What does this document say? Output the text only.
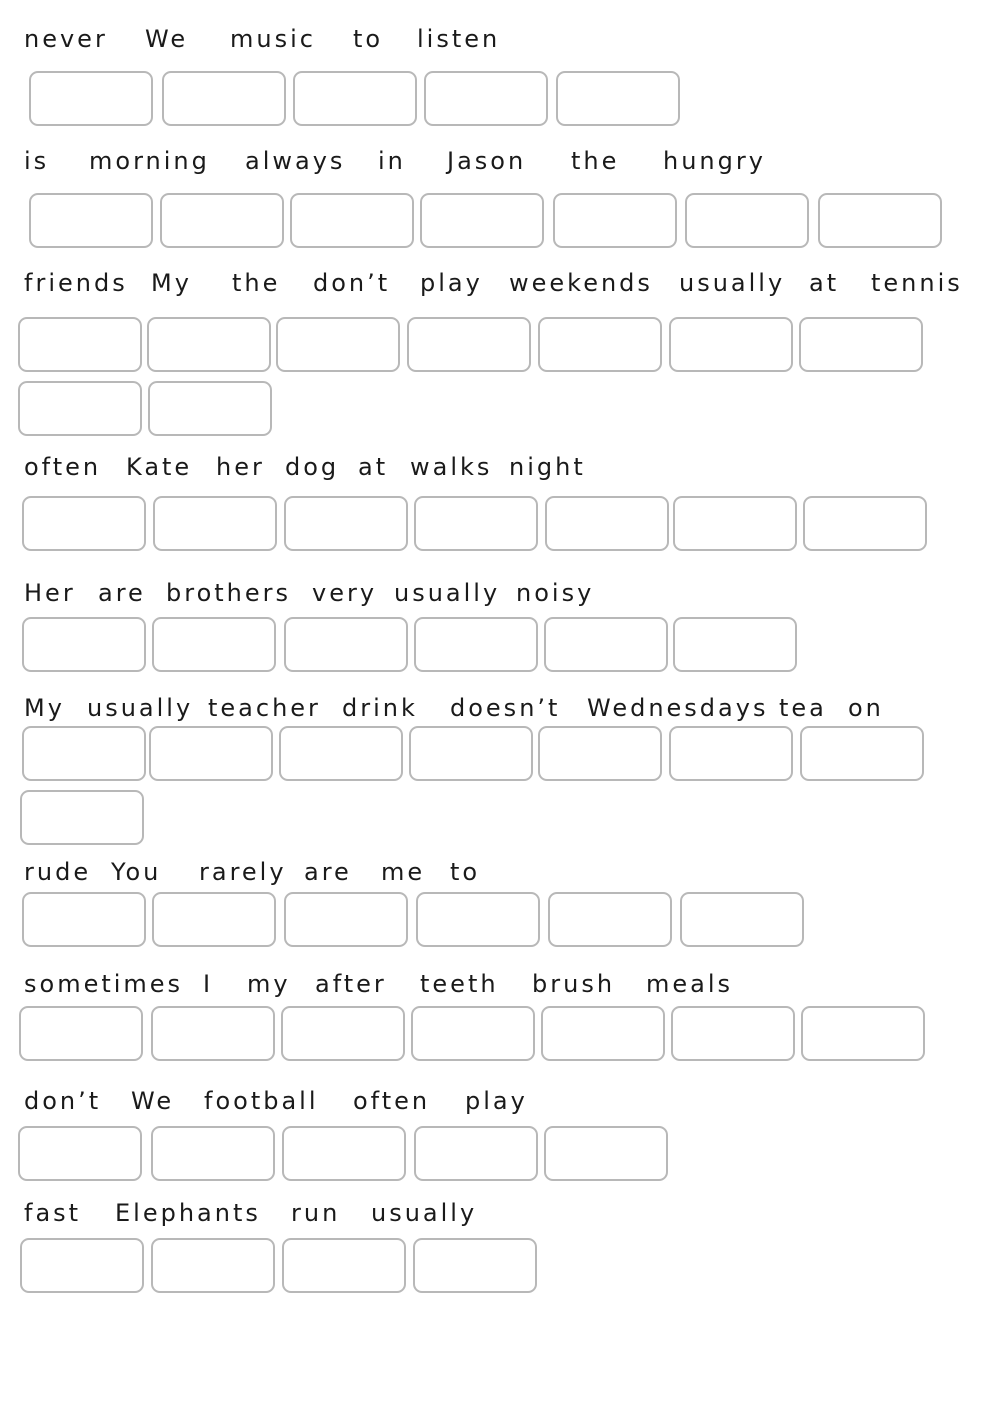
never We music to listen
is morning always in Jason the hungry
friends My the don’t play weekends usually at tennis
often Kate her dog at walks night
Her are brothers very usually noisy
My usually teacher drink doesn’t Wednesdays tea on
rude You rarely are me to
sometimes I my after teeth brush meals
don’t We football often play
fast Elephants run usually
